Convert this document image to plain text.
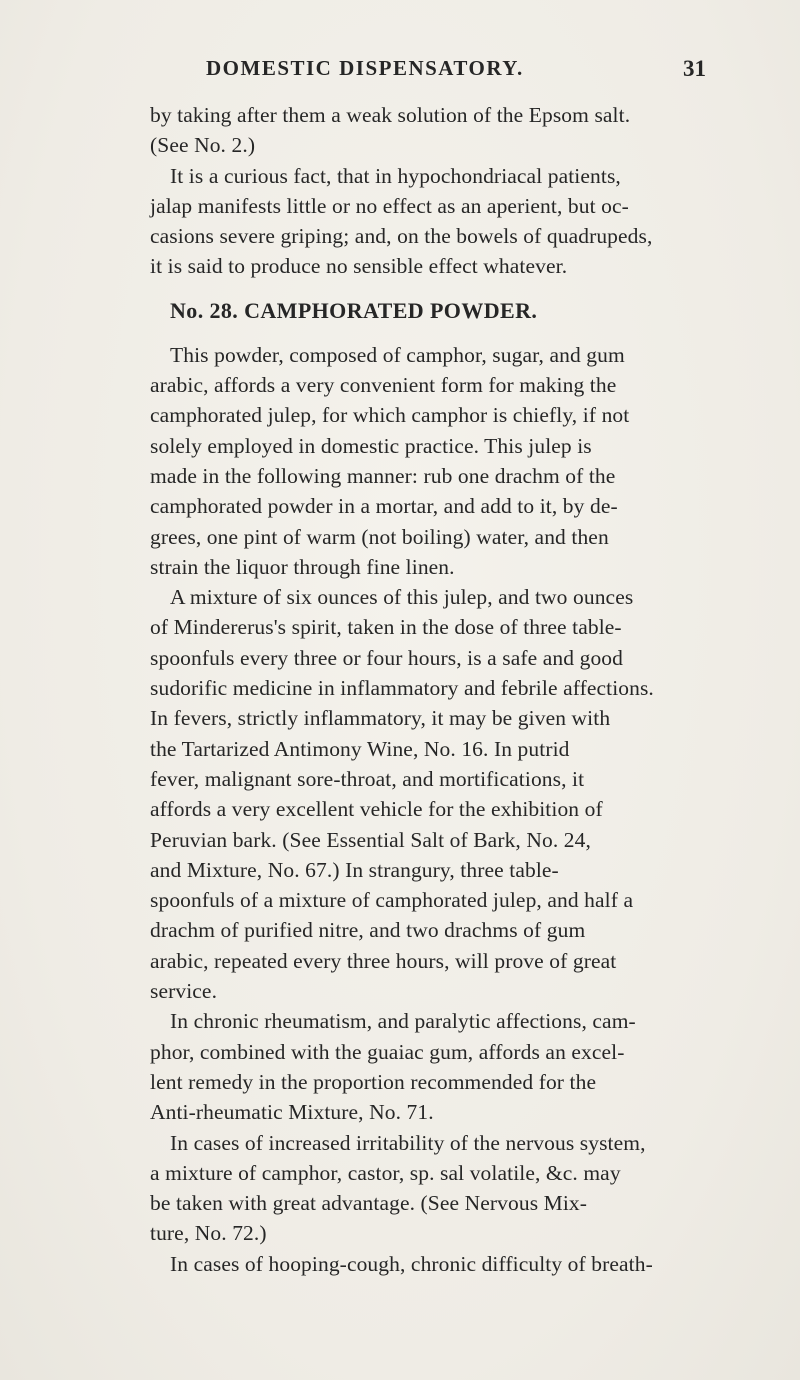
DOMESTIC DISPENSATORY.	31
by taking after them a weak solution of the Epsom salt.
(See No. 2.)
It is a curious fact, that in hypochondriacal patients,
jalap manifests little or no effect as an aperient, but oc-
casions severe griping; and, on the bowels of quadrupeds,
it is said to produce no sensible effect whatever.
No. 28. CAMPHORATED POWDER.
This powder, composed of camphor, sugar, and gum
arabic, affords a very convenient form for making the
camphorated julep, for which camphor is chiefly, if not
solely employed in domestic practice. This julep is
made in the following manner: rub one drachm of the
camphorated powder in a mortar, and add to it, by de-
grees, one pint of warm (not boiling) water, and then
strain the liquor through fine linen.
A mixture of six ounces of this julep, and two ounces
of Mindererus's spirit, taken in the dose of three table-
spoonfuls every three or four hours, is a safe and good
sudorific medicine in inflammatory and febrile affections.
In fevers, strictly inflammatory, it may be given with
the Tartarized Antimony Wine, No. 16. In putrid
fever, malignant sore-throat, and mortifications, it
affords a very excellent vehicle for the exhibition of
Peruvian bark. (See Essential Salt of Bark, No. 24,
and Mixture, No. 67.) In strangury, three table-
spoonfuls of a mixture of camphorated julep, and half a
drachm of purified nitre, and two drachms of gum
arabic, repeated every three hours, will prove of great
service.
In chronic rheumatism, and paralytic affections, cam-
phor, combined with the guaiac gum, affords an excel-
lent remedy in the proportion recommended for the
Anti-rheumatic Mixture, No. 71.
In cases of increased irritability of the nervous system,
a mixture of camphor, castor, sp. sal volatile, &c. may
be taken with great advantage. (See Nervous Mix-
ture, No. 72.)
In cases of hooping-cough, chronic difficulty of breath-
